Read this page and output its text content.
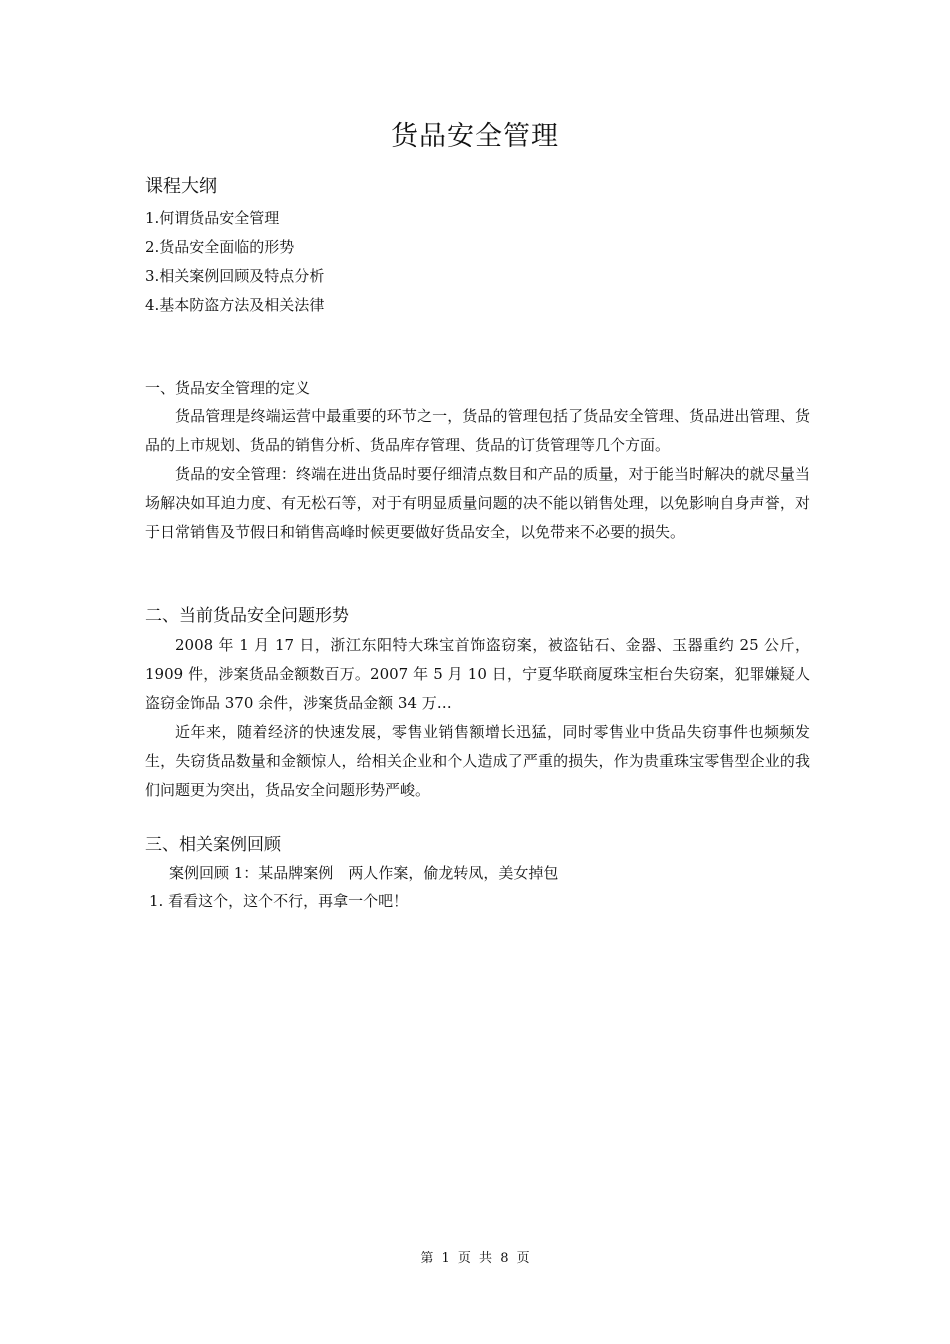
货品安全管理

课程大纲

1.何谓货品安全管理
2.货品安全面临的形势
3.相关案例回顾及特点分析
4.基本防盗方法及相关法律

一、货品安全管理的定义

货品管理是终端运营中最重要的环节之一，货品的管理包括了货品安全管理、货品进出管理、货品的上市规划、货品的销售分析、货品库存管理、货品的订货管理等几个方面。

货品的安全管理：终端在进出货品时要仔细清点数目和产品的质量，对于能当时解决的就尽量当场解决如耳迫力度、有无松石等，对于有明显质量问题的决不能以销售处理，以免影响自身声誉，对于日常销售及节假日和销售高峰时候更要做好货品安全，以免带来不必要的损失。

二、当前货品安全问题形势

2008 年 1 月 17 日，浙江东阳特大珠宝首饰盗窃案，被盗钻石、金器、玉器重约 25 公斤，1909 件，涉案货品金额数百万。2007 年 5 月 10 日，宁夏华联商厦珠宝柜台失窃案，犯罪嫌疑人盗窃金饰品 370 余件，涉案货品金额 34 万…

近年来，随着经济的快速发展，零售业销售额增长迅猛，同时零售业中货品失窃事件也频频发生，失窃货品数量和金额惊人，给相关企业和个人造成了严重的损失，作为贵重珠宝零售型企业的我们问题更为突出，货品安全问题形势严峻。

三、相关案例回顾

案例回顾 1：某品牌案例　两人作案，偷龙转凤，美女掉包

1. 看看这个，这个不行，再拿一个吧！

第 1 页 共 8 页
